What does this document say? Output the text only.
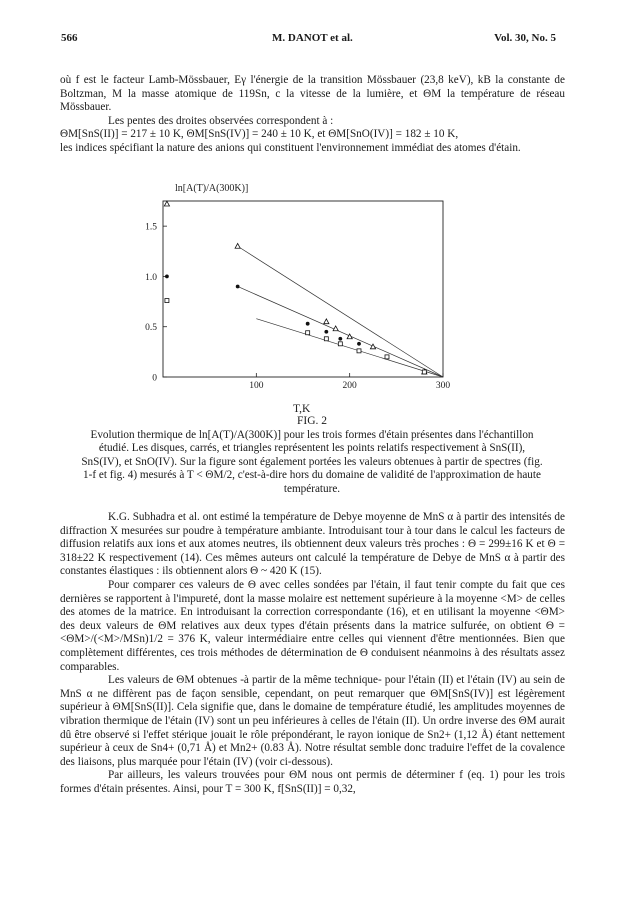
566	M. DANOT et al.	Vol. 30, No. 5

où f est le facteur Lamb-Mössbauer, Eγ l'énergie de la transition Mössbauer (23,8 keV), kB la constante de Boltzman, M la masse atomique de 119Sn, c la vitesse de la lumière, et ΘM la température de réseau Mössbauer.

Les pentes des droites observées correspondent à :

ΘM[SnS(II)] = 217 ± 10 K, ΘM[SnS(IV)] = 240 ± 10 K, et ΘM[SnO(IV)] = 182 ± 10 K,

les indices spécifiant la nature des anions qui constituent l'environnement immédiat des atomes d'étain.

100	200	300
0
0.5
1.0
1.5
ln[A(T)/A(300K)]
T,K
FIG. 2
Evolution thermique de ln[A(T)/A(300K)] pour les trois formes d'étain présentes dans l'échantillon étudié. Les disques, carrés, et triangles représentent les points relatifs respectivement à SnS(II), SnS(IV), et SnO(IV). Sur la figure sont également portées les valeurs obtenues à partir de spectres (fig. 1-f et fig. 4) mesurés à T < ΘM/2, c'est-à-dire hors du domaine de validité de l'approximation de haute température.

K.G. Subhadra et al. ont estimé la température de Debye moyenne de MnS α à partir des intensités de diffraction X mesurées sur poudre à température ambiante. Introduisant tour à tour dans le calcul les facteurs de diffusion relatifs aux ions et aux atomes neutres, ils obtiennent deux valeurs très proches : Θ = 299±16 K et Θ = 318±22 K respectivement (14). Ces mêmes auteurs ont calculé la température de Debye de MnS α à partir des constantes élastiques : ils obtiennent alors Θ ~ 420 K (15).

Pour comparer ces valeurs de Θ avec celles sondées par l'étain, il faut tenir compte du fait que ces dernières se rapportent à l'impureté, dont la masse molaire est nettement supérieure à la moyenne <M> de celles des atomes de la matrice. En introduisant la correction correspondante (16), et en utilisant la moyenne <ΘM> des deux valeurs de ΘM relatives aux deux types d'étain présents dans la matrice sulfurée, on obtient Θ = <ΘM>/(<M>/MSn)1/2 = 376 K, valeur intermédiaire entre celles qui viennent d'être mentionnées. Bien que complètement différentes, ces trois méthodes de détermination de Θ conduisent néanmoins à des résultats assez comparables.

Les valeurs de ΘM obtenues -à partir de la même technique- pour l'étain (II) et l'étain (IV) au sein de MnS α ne diffèrent pas de façon sensible, cependant, on peut remarquer que ΘM[SnS(IV)] est légèrement supérieur à ΘM[SnS(II)]. Cela signifie que, dans le domaine de température étudié, les amplitudes moyennes de vibration thermique de l'étain (IV) sont un peu inférieures à celles de l'étain (II). Un ordre inverse des ΘM aurait dû être observé si l'effet stérique jouait le rôle prépondérant, le rayon ionique de Sn2+ (1,12 Å) étant nettement supérieur à ceux de Sn4+ (0,71 Å) et Mn2+ (0.83 Å). Notre résultat semble donc traduire l'effet de la covalence des liaisons, plus marquée pour l'étain (IV) (voir ci-dessous).

Par ailleurs, les valeurs trouvées pour ΘM nous ont permis de déterminer f (eq. 1) pour les trois formes d'étain présentes. Ainsi, pour T = 300 K, f[SnS(II)] = 0,32,
